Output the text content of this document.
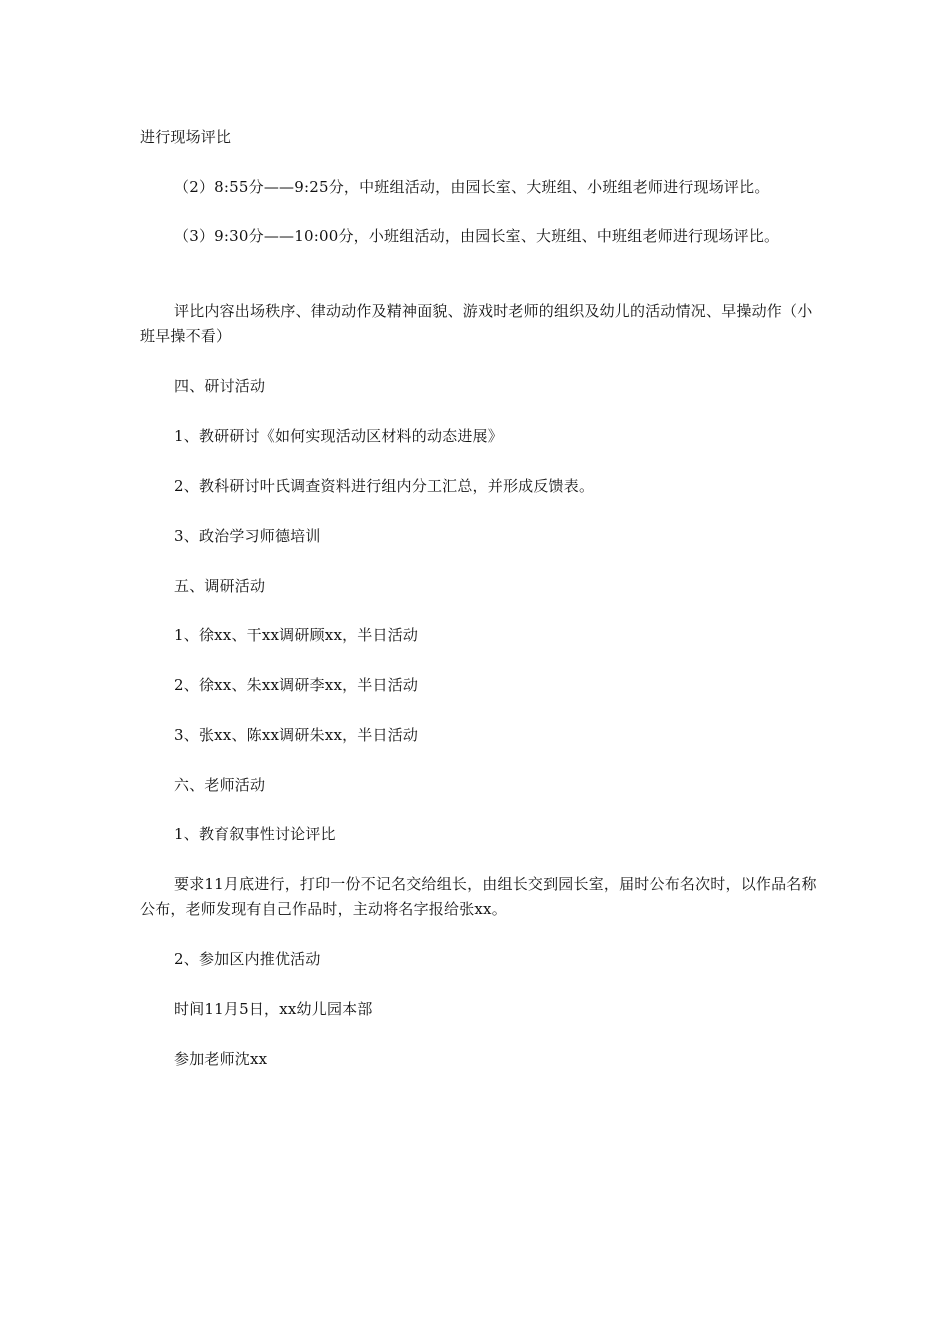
进行现场评比

（2）8:55分——9:25分，中班组活动，由园长室、大班组、小班组老师进行现场评比。

（3）9:30分——10:00分，小班组活动，由园长室、大班组、中班组老师进行现场评比。

评比内容出场秩序、律动动作及精神面貌、游戏时老师的组织及幼儿的活动情况、早操动作（小班早操不看）

四、研讨活动

1、教研研讨《如何实现活动区材料的动态进展》

2、教科研讨叶氏调查资料进行组内分工汇总，并形成反馈表。

3、政治学习师德培训

五、调研活动

1、徐xx、干xx调研顾xx，半日活动

2、徐xx、朱xx调研李xx，半日活动

3、张xx、陈xx调研朱xx，半日活动

六、老师活动

1、教育叙事性讨论评比

要求11月底进行，打印一份不记名交给组长，由组长交到园长室，届时公布名次时，以作品名称公布，老师发现有自己作品时，主动将名字报给张xx。

2、参加区内推优活动

时间11月5日，xx幼儿园本部

参加老师沈xx
